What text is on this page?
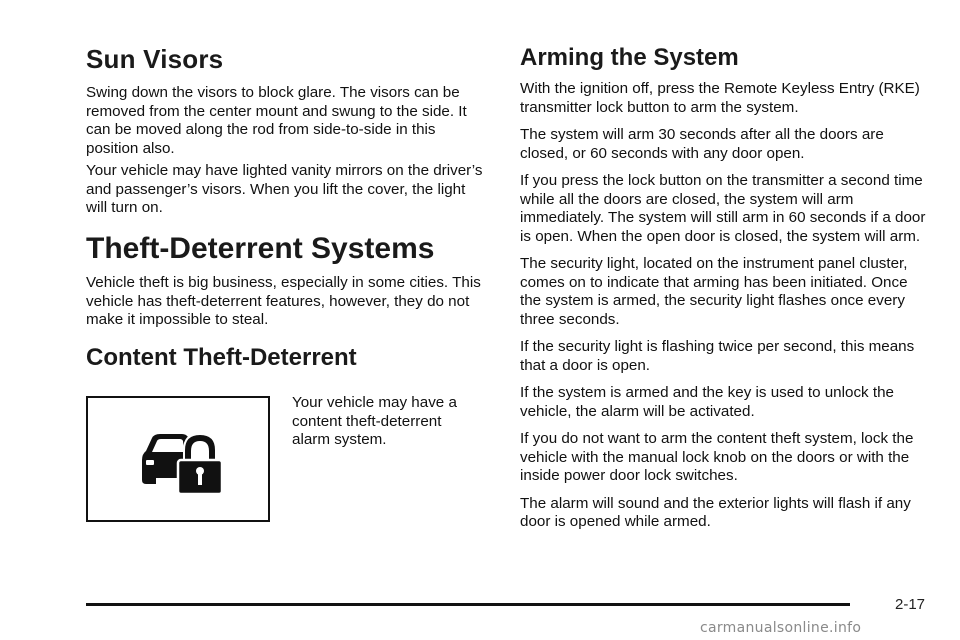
Sun Visors

Swing down the visors to block glare. The visors can be removed from the center mount and swung to the side. It can be moved along the rod from side-to-side in this position also.

Your vehicle may have lighted vanity mirrors on the driver’s and passenger’s visors. When you lift the cover, the light will turn on.

Theft-Deterrent Systems

Vehicle theft is big business, especially in some cities. This vehicle has theft-deterrent features, however, they do not make it impossible to steal.

Content Theft-Deterrent

Your vehicle may have a content theft-deterrent alarm system.

Arming the System

With the ignition off, press the Remote Keyless Entry (RKE) transmitter lock button to arm the system.

The system will arm 30 seconds after all the doors are closed, or 60 seconds with any door open.

If you press the lock button on the transmitter a second time while all the doors are closed, the system will arm immediately. The system will still arm in 60 seconds if a door is open. When the open door is closed, the system will arm.

The security light, located on the instrument panel cluster, comes on to indicate that arming has been initiated. Once the system is armed, the security light flashes once every three seconds.

If the security light is flashing twice per second, this means that a door is open.

If the system is armed and the key is used to unlock the vehicle, the alarm will be activated.

If you do not want to arm the content theft system, lock the vehicle with the manual lock knob on the doors or with the inside power door lock switches.

The alarm will sound and the exterior lights will flash if any door is opened while armed.

2-17
carmanualsonline.info
